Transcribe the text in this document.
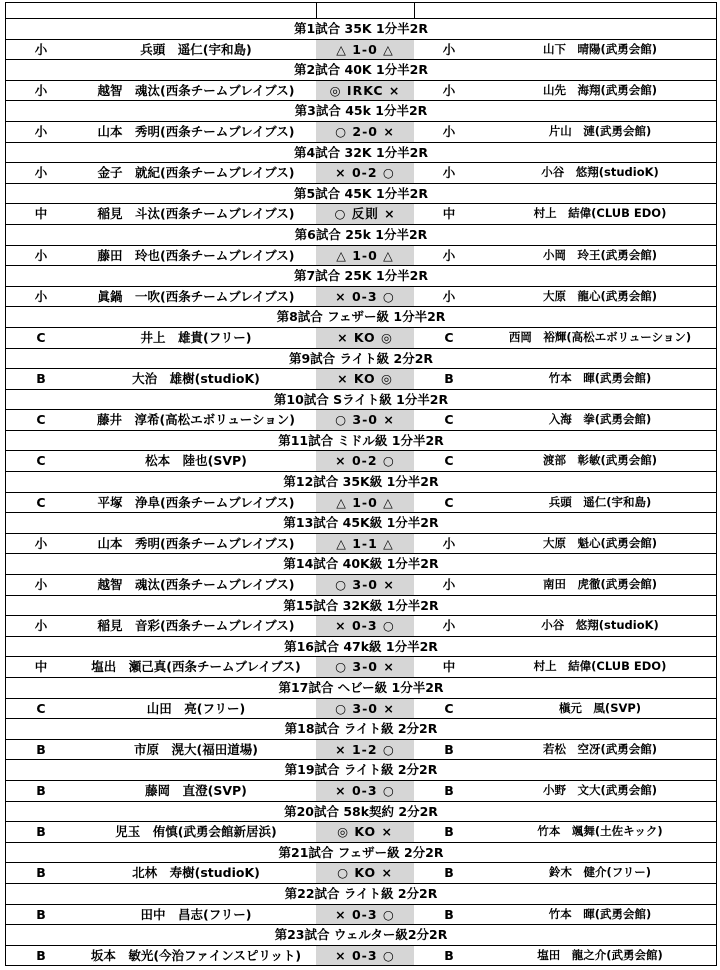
第1試合 35K 1分半2R
小	兵頭　遥仁(宇和島)	△ 1-0 △	小	山下　晴陽(武勇会館)
第2試合 40K 1分半2R
小	越智　魂汰(西条チームブレイブス)	◎ IRKC ×	小	山先　海翔(武勇会館)
第3試合 45k 1分半2R
小	山本　秀明(西条チームブレイブス)	○ 2-0 ×	小	片山　漣(武勇会館)
第4試合 32K 1分半2R
小	金子　就紀(西条チームブレイブス)	× 0-2 ○	小	小谷　悠翔(studioK)
第5試合 45K 1分半2R
中	稲見　斗汰(西条チームブレイブス)	○ 反則 ×	中	村上　結偉(CLUB EDO)
第6試合 25k 1分半2R
小	藤田　玲也(西条チームブレイブス)	△ 1-0 △	小	小岡　玲王(武勇会館)
第7試合 25K 1分半2R
小	眞鍋　一吹(西条チームブレイブス)	× 0-3 ○	小	大原　龍心(武勇会館)
第8試合 フェザー級 1分半2R
C	井上　雄貴(フリー)	× KO ◎	C	西岡　裕輝(高松エボリューション)
第9試合 ライト級 2分2R
B	大治　雄樹(studioK)	× KO ◎	B	竹本　暉(武勇会館)
第10試合 Sライト級 1分半2R
C	藤井　淳希(高松エボリューション)	○ 3-0 ×	C	入海　拳(武勇会館)
第11試合 ミドル級 1分半2R
C	松本　陸也(SVP)	× 0-2 ○	C	渡部　彰敏(武勇会館)
第12試合 35K級 1分半2R
C	平塚　浄阜(西条チームブレイブス)	△ 1-0 △	C	兵頭　遥仁(宇和島)
第13試合 45K級 1分半2R
小	山本　秀明(西条チームブレイブス)	△ 1-1 △	小	大原　魁心(武勇会館)
第14試合 40K級 1分半2R
小	越智　魂汰(西条チームブレイブス)	○ 3-0 ×	小	南田　虎徹(武勇会館)
第15試合 32K級 1分半2R
小	稲見　音彩(西条チームブレイブス)	× 0-3 ○	小	小谷　悠翔(studioK)
第16試合 47k級 1分半2R
中	塩出　瀬己真(西条チームブレイブス)	○ 3-0 ×	中	村上　結偉(CLUB EDO)
第17試合 ヘビー級 1分半2R
C	山田　亮(フリー)	○ 3-0 ×	C	槇元　風(SVP)
第18試合 ライト級 2分2R
B	市原　滉大(福田道場)	× 1-2 ○	B	若松　空冴(武勇会館)
第19試合 ライト級 2分2R
B	藤岡　直澄(SVP)	× 0-3 ○	B	小野　文大(武勇会館)
第20試合 58k契約 2分2R
B	児玉　侑慎(武勇会館新居浜)	◎ KO ×	B	竹本　颯舞(土佐キック)
第21試合 フェザー級 2分2R
B	北林　寿樹(studioK)	○ KO ×	B	鈴木　健介(フリー)
第22試合 ライト級 2分2R
B	田中　昌志(フリー)	× 0-3 ○	B	竹本　暉(武勇会館)
第23試合 ウェルター級2分2R
B	坂本　敏光(今治ファインスピリット)	× 0-3 ○	B	塩田　龍之介(武勇会館)
